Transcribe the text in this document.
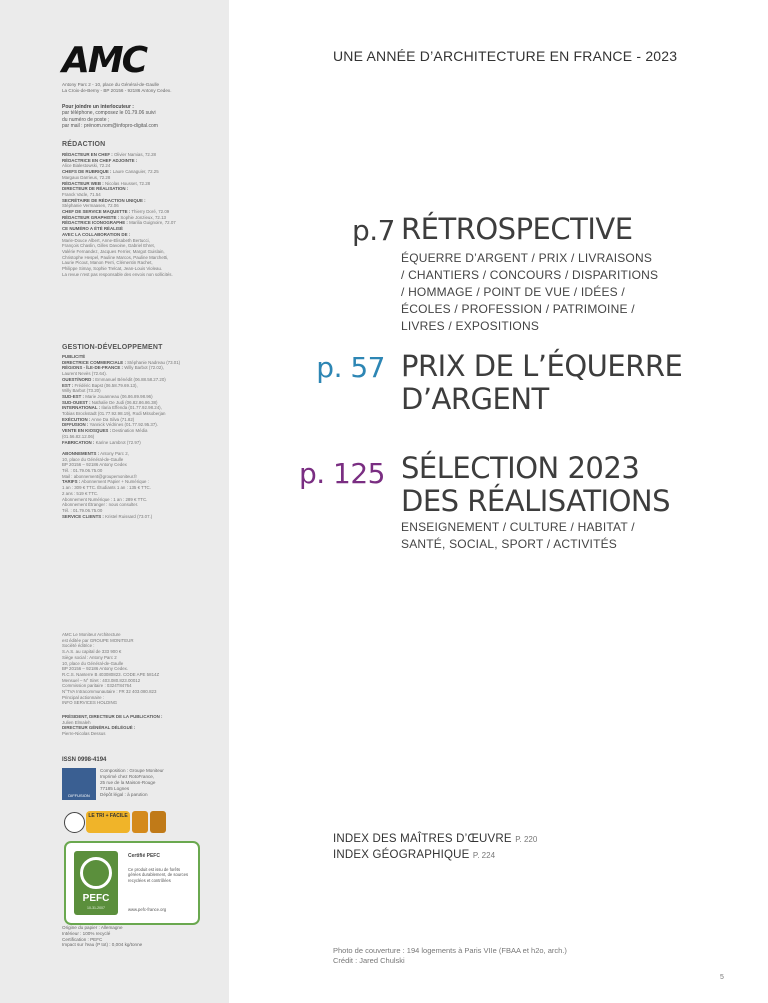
AMC
Antony Parc 2 - 10, place du Général-de-Gaulle
La Croix-de-Berny - BP 20156 - 92186 Antony Cedex.
Pour joindre un interlocuteur :
par téléphone, composez le 01.79.06 suivi
du numéro de poste ;
par mail : prénom.nom@infopro-digital.com
RÉDACTION
RÉDACTEUR EN CHEF : Olivier Namias, 72.28
RÉDACTRICE EN CHEF ADJOINTE :
Alice Bialestowski, 72.24
CHEFS DE RUBRIQUE : Laure Canaguier, 72.25
Margaux Darrieus, 72.28
RÉDACTEUR WEB : Nicolas Housset, 72.28
DIRECTEUR DE RÉALISATION :
Franck Vacle, 71.54
SECRÉTAIRE DE RÉDACTION UNIQUE :
Stéphanie Vermaasen, 72.06
CHEF DE SERVICE MAQUETTE : Thierry Doré, 72.09
RÉDACTEUR GRAPHISTE : Sophie Jonzieux, 72.13
RÉDACTRICE ICONOGRAPHE : Marilia Guignoire, 72.07
CE NUMÉRO A ÉTÉ RÉALISÉ
AVEC LA COLLABORATION DE :
Marie-Douce Albert, Anne-Elisabeth Bertucci,
François Chaslin, Gilles Davoine, Gabriel Ehret,
Valérie Fernandez, Jacques Ferrier, Margot Guislain,
Christophe Hespel, Pauline Marcos, Pauline Marchetti,
Laurie Picout, Manon Perri, Clémentin Rachet,
Philippe Simay, Sophie Trelcat, Jean-Louis Violeau.
La revue n'est pas responsable des envois non sollicités.
GESTION-DÉVELOPPEMENT
PUBLICITÉ
DIRECTRICE COMMERCIALE : Stéphanie Nadreau (73.01)
RÉGIONS - ÎLE-DE-FRANCE : Willy Barbot (72.02),
Laurent Nevès (72.64).
OUEST/NORD : Emmanuel Bénédit (06.88.58.27.20)
EST : Frédéric Bapst (06.58.79.69.13),
Willy Barbot (73.20)
SUD-EST : Marie Jouanneau (06.86.89.98.96)
SUD-OUEST : Nathalie De Judi (06.82.86.86.38)
INTERNATIONAL : Ilaria Effenda (01.77.92.98.24),
Tobias Brockstadt (01.77.92.98.19), Rodi Mitsoberjan
EXÉCUTION : Anne Da Silva (71.82)
DIFFUSION : Yannick Védrines (01.77.92.95.37).
VENTE EN KIOSQUES : Destination Média
(01.56.82.12.06)
FABRICATION : Karine Lambrot (72.97)

ABONNEMENTS : Antony Parc 2,
10, place du Général-de-Gaulle
BP 20156 – 92186 Antony Cedex
Tél. : 01.79.06.75.00
Mail : abonnement@groupemoniteur.fr
TARIFS : Abonnement Papier + Numérique :
1 an : 309 € TTC. Étudiants 1 an : 135 € TTC.
2 ans : 519 € TTC.
Abonnement Numérique : 1 an : 289 € TTC.
Abonnement Étranger : nous consulter.
Tél. : 01.79.06.75.00
SERVICE CLIENTS : Kristel Ruissard (73.07.)
AMC Le Moniteur Architecture
est éditée par GROUPE MONITEUR
Société éditrice :
S.A.S. au capital de 333 900 €
Siège social : Antony Parc 2
10, place du Général-de-Gaulle
BP 20156 – 92186 Antony Cedex.
R.C.S. Nanterre B 403080823. CODE APE 5814Z
Mensuel – N° Siret : 403.080.823.00012
Commission paritaire : 0324T84764
N°TVA Intracommunautaire : FR 32 403.080.823
Principal actionnaire :
INFO SERVICES HOLDING
PRÉSIDENT, DIRECTEUR DE LA PUBLICATION :
Julien Elmaleh
DIRECTEUR GÉNÉRAL DÉLÉGUÉ :
Pierre-Nicolas Dessus
ISSN 0998-4194
DIFFUSION
Composition : Groupe Moniteur
Imprimé chez RotoFrance,
25 rue de la Maison-Rouge
77185 Lognes
Dépôt légal : à parution
LE TRI + FACILE
PEFC
10-31-2007
Certifié PEFC
Ce produit est issu de forêts gérées durablement, de sources recyclées et contrôlées
www.pefc-france.org
Origine du papier : Allemagne
Intérieur : 100% recyclé
Certification : PEFC
Impact sur l'eau (P tot) : 0,004 kg/tonne
UNE ANNÉE D’ARCHITECTURE EN FRANCE - 2023
p.7 RÉTROSPECTIVE
ÉQUERRE D’ARGENT / PRIX / LIVRAISONS
/ CHANTIERS / CONCOURS / DISPARITIONS
/ HOMMAGE / POINT DE VUE / IDÉES /
ÉCOLES / PROFESSION / PATRIMOINE /
LIVRES / EXPOSITIONS
p. 57 PRIX DE L’ÉQUERRE
D’ARGENT
p. 125 SÉLECTION 2023
DES RÉALISATIONS
ENSEIGNEMENT / CULTURE / HABITAT /
SANTÉ, SOCIAL, SPORT / ACTIVITÉS
INDEX DES MAÎTRES D’ŒUVRE P. 220
INDEX GÉOGRAPHIQUE P. 224
Photo de couverture : 194 logements à Paris VIIe (FBAA et h2o, arch.)
Crédit : Jared Chulski
5
